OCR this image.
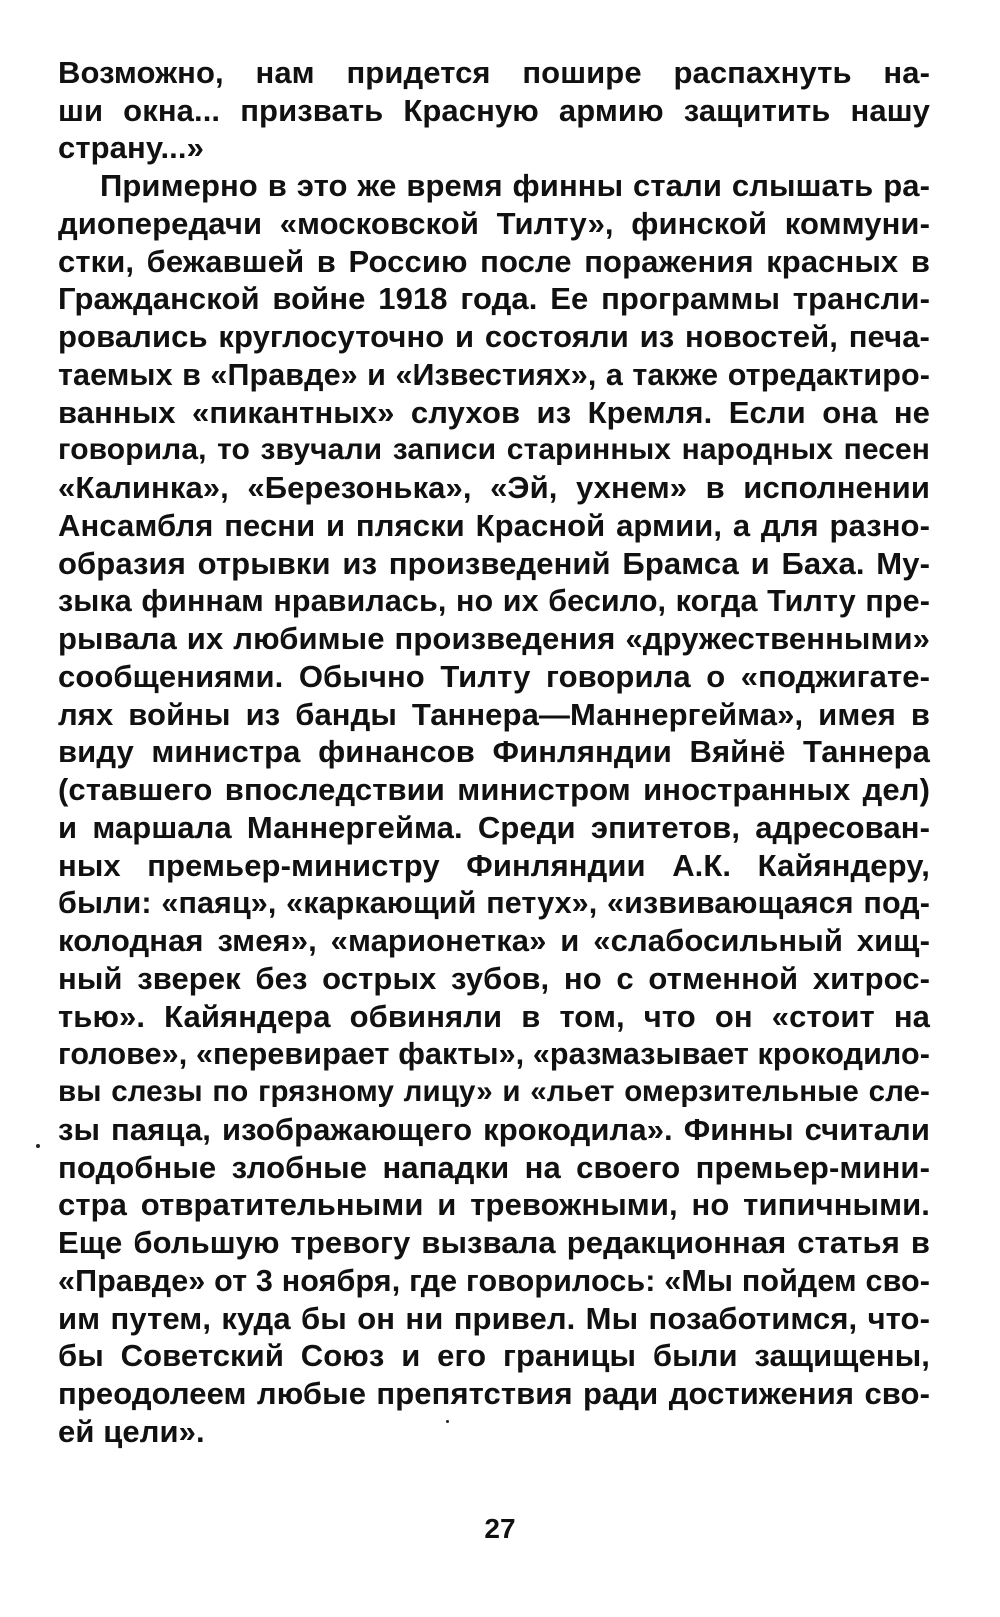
Возможно, нам придется пошире распахнуть на-
ши окна... призвать Красную армию защитить нашу
страну...»
Примерно в это же время финны стали слышать ра-
диопередачи «московской Тилту», финской коммуни-
стки, бежавшей в Россию после поражения красных в
Гражданской войне 1918 года. Ее программы трансли-
ровались круглосуточно и состояли из новостей, печа-
таемых в «Правде» и «Известиях», а также отредактиро-
ванных «пикантных» слухов из Кремля. Если она не
говорила, то звучали записи старинных народных песен
«Калинка», «Березонька», «Эй, ухнем» в исполнении
Ансамбля песни и пляски Красной армии, а для разно-
образия отрывки из произведений Брамса и Баха. Му-
зыка финнам нравилась, но их бесило, когда Тилту пре-
рывала их любимые произведения «дружественными»
сообщениями. Обычно Тилту говорила о «поджигате-
лях войны из банды Таннера—Маннергейма», имея в
виду министра финансов Финляндии Вяйнё Таннера
(ставшего впоследствии министром иностранных дел)
и маршала Маннергейма. Среди эпитетов, адресован-
ных премьер-министру Финляндии А.К. Кайяндеру,
были: «паяц», «каркающий петух», «извивающаяся под-
колодная змея», «марионетка» и «слабосильный хищ-
ный зверек без острых зубов, но с отменной хитрос-
тью». Кайяндера обвиняли в том, что он «стоит на
голове», «перевирает факты», «размазывает крокодило-
вы слезы по грязному лицу» и «льет омерзительные сле-
зы паяца, изображающего крокодила». Финны считали
подобные злобные нападки на своего премьер-мини-
стра отвратительными и тревожными, но типичными.
Еще большую тревогу вызвала редакционная статья в
«Правде» от 3 ноября, где говорилось: «Мы пойдем сво-
им путем, куда бы он ни привел. Мы позаботимся, что-
бы Советский Союз и его границы были защищены,
преодолеем любые препятствия ради достижения сво-
ей цели».
27
